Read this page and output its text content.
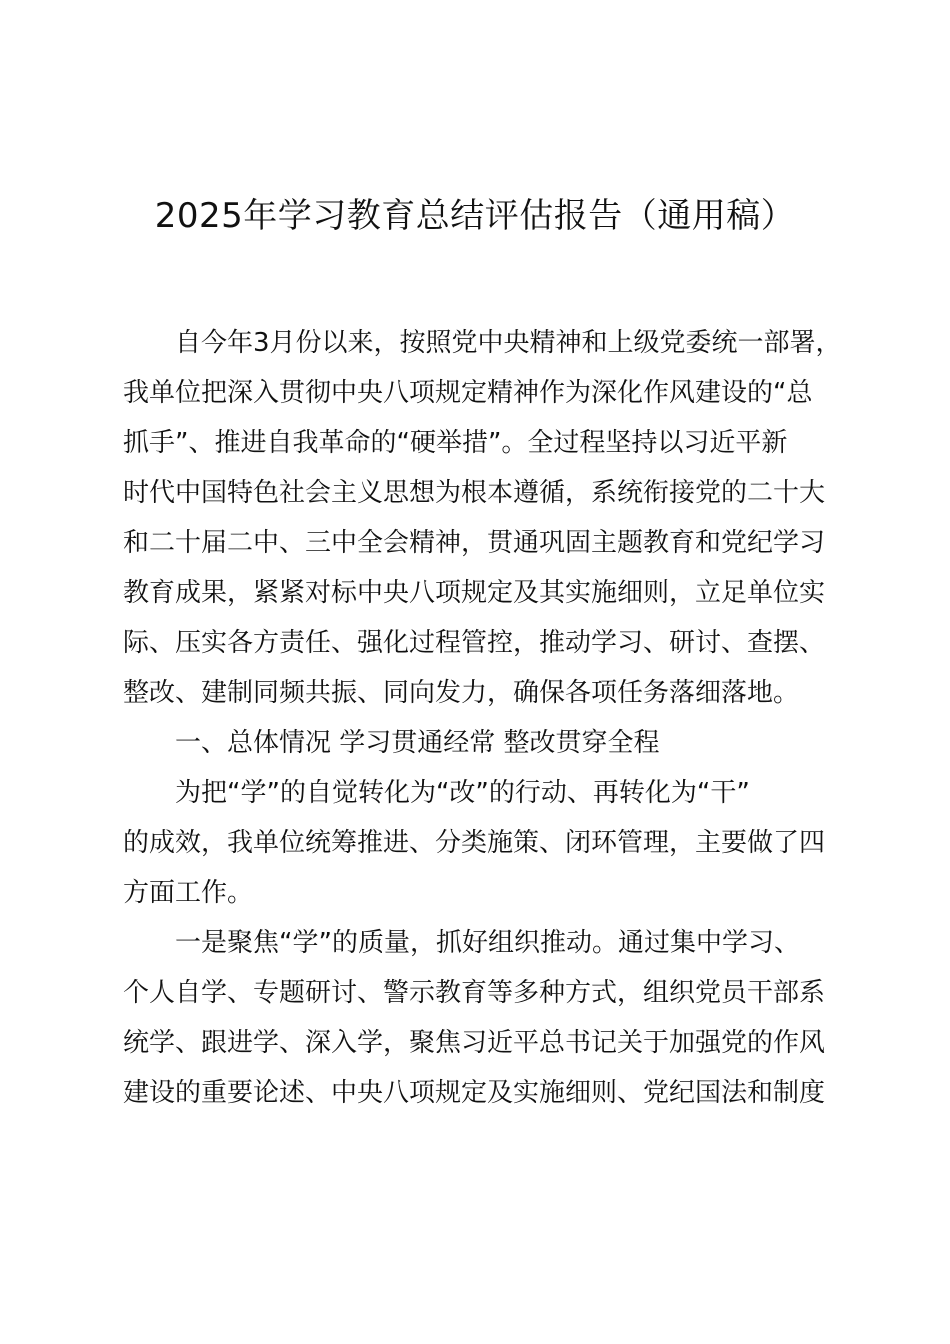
2025年学习教育总结评估报告（通用稿）
自今年3月份以来，按照党中央精神和上级党委统一部署，
我单位把深入贯彻中央八项规定精神作为深化作风建设的“总
抓手”、推进自我革命的“硬举措”。全过程坚持以习近平新
时代中国特色社会主义思想为根本遵循，系统衔接党的二十大
和二十届二中、三中全会精神，贯通巩固主题教育和党纪学习
教育成果，紧紧对标中央八项规定及其实施细则，立足单位实
际、压实各方责任、强化过程管控，推动学习、研讨、查摆、
整改、建制同频共振、同向发力，确保各项任务落细落地。
一、总体情况 学习贯通经常 整改贯穿全程
为把“学”的自觉转化为“改”的行动、再转化为“干”
的成效，我单位统筹推进、分类施策、闭环管理，主要做了四
方面工作。
一是聚焦“学”的质量，抓好组织推动。通过集中学习、
个人自学、专题研讨、警示教育等多种方式，组织党员干部系
统学、跟进学、深入学，聚焦习近平总书记关于加强党的作风
建设的重要论述、中央八项规定及实施细则、党纪国法和制度
